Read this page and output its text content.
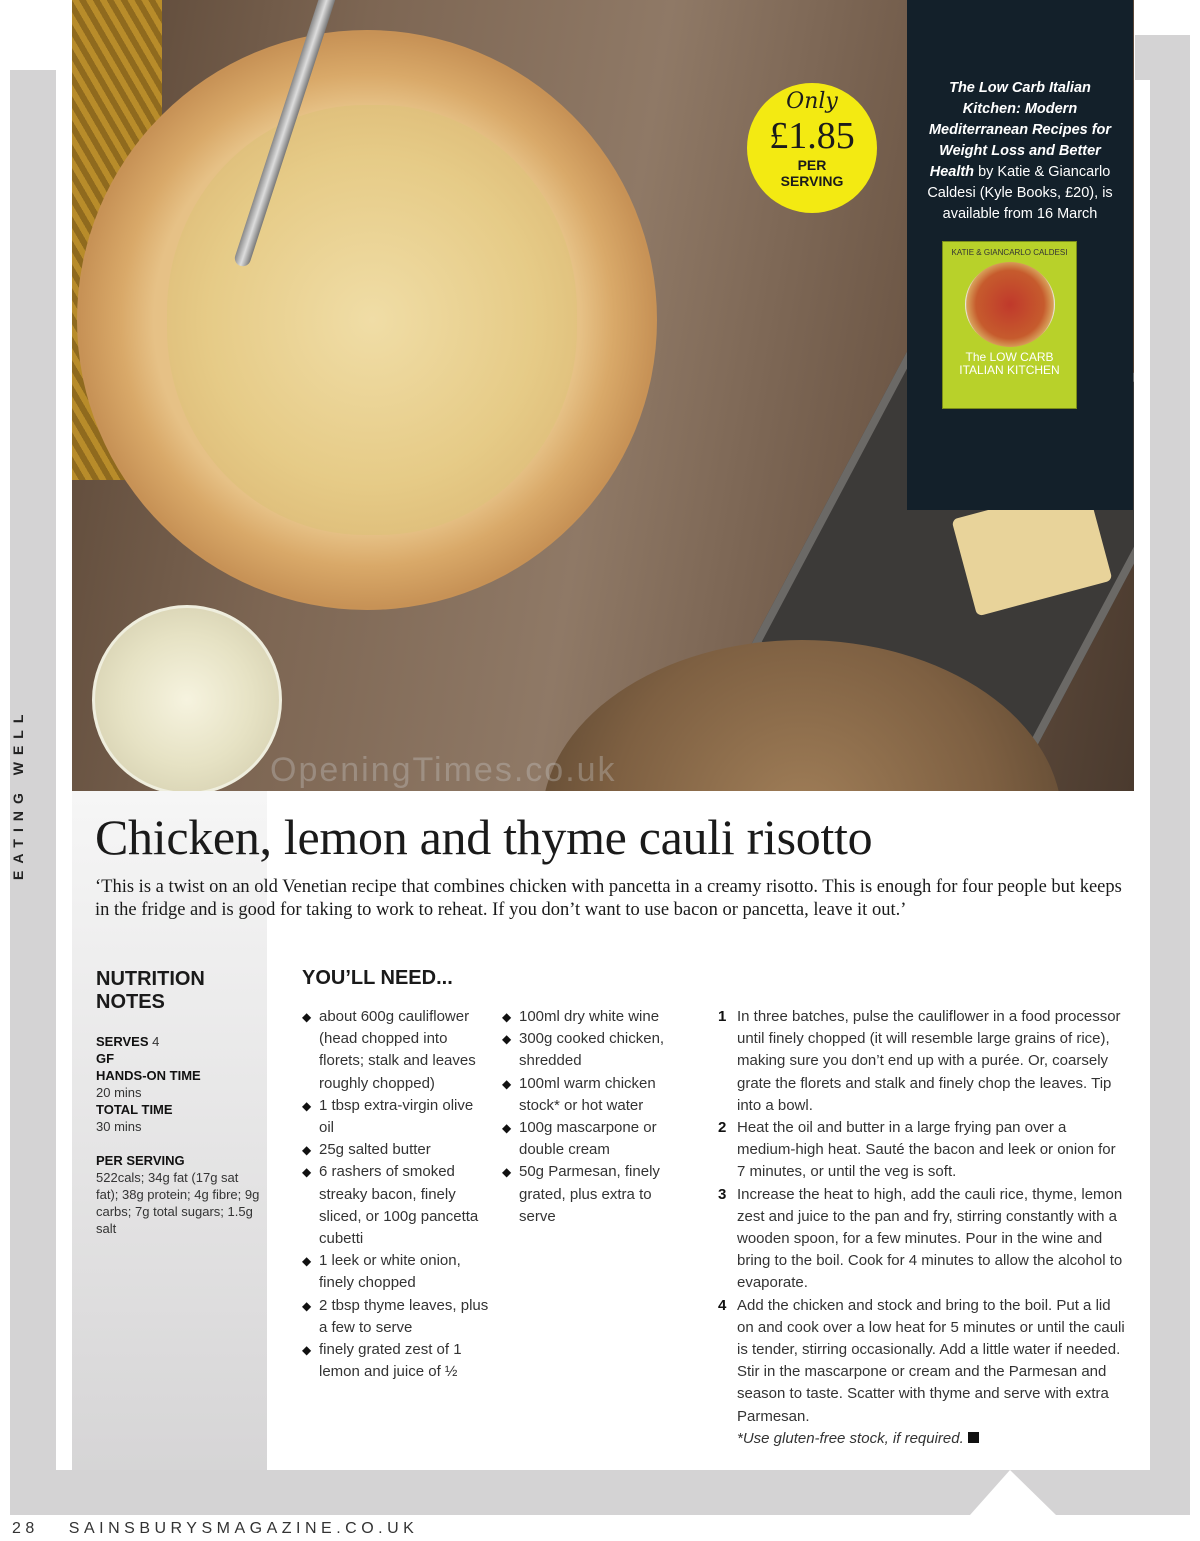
Only
£1.85
PER
SERVING

The Low Carb Italian Kitchen: Modern Mediterranean Recipes for Weight Loss and Better Health by Katie & Giancarlo Caldesi (Kyle Books, £20), is available from 16 March

KATIE & GIANCARLO CALDESI
The LOW CARB ITALIAN KITCHEN
EATING WELL	OpeningTimes.co.uk
Chicken, lemon and thyme cauli risotto

‘This is a twist on an old Venetian recipe that combines chicken with pancetta in a creamy risotto. This is enough for four people but keeps in the fridge and is good for taking to work to reheat. If you don’t want to use bacon or pancetta, leave it out.’

NUTRITION NOTES
SERVES 4
GF
HANDS-ON TIME
20 mins
TOTAL TIME
30 mins
PER SERVING
522cals; 34g fat (17g sat fat); 38g protein; 4g fibre; 9g carbs; 7g total sugars; 1.5g salt
YOU’LL NEED...
◆ about 600g cauliflower (head chopped into florets; stalk and leaves roughly chopped)
◆ 1 tbsp extra-virgin olive oil
◆ 25g salted butter
◆ 6 rashers of smoked streaky bacon, finely sliced, or 100g pancetta cubetti
◆ 1 leek or white onion, finely chopped
◆ 2 tbsp thyme leaves, plus a few to serve
◆ finely grated zest of 1 lemon and juice of ½
◆ 100ml dry white wine
◆ 300g cooked chicken, shredded
◆ 100ml warm chicken stock* or hot water
◆ 100g mascarpone or double cream
◆ 50g Parmesan, finely grated, plus extra to serve
1 In three batches, pulse the cauliflower in a food processor until finely chopped (it will resemble large grains of rice), making sure you don’t end up with a purée. Or, coarsely grate the florets and stalk and finely chop the leaves. Tip into a bowl.
2 Heat the oil and butter in a large frying pan over a medium-high heat. Sauté the bacon and leek or onion for 7 minutes, or until the veg is soft.
3 Increase the heat to high, add the cauli rice, thyme, lemon zest and juice to the pan and fry, stirring constantly with a wooden spoon, for a few minutes. Pour in the wine and bring to the boil. Cook for 4 minutes to allow the alcohol to evaporate.
4 Add the chicken and stock and bring to the boil. Put a lid on and cook over a low heat for 5 minutes or until the cauli is tender, stirring occasionally. Add a little water if needed. Stir in the mascarpone or cream and the Parmesan and season to taste. Scatter with thyme and serve with extra Parmesan.
*Use gluten-free stock, if required.
28 SAINSBURYSMAGAZINE.CO.UK
